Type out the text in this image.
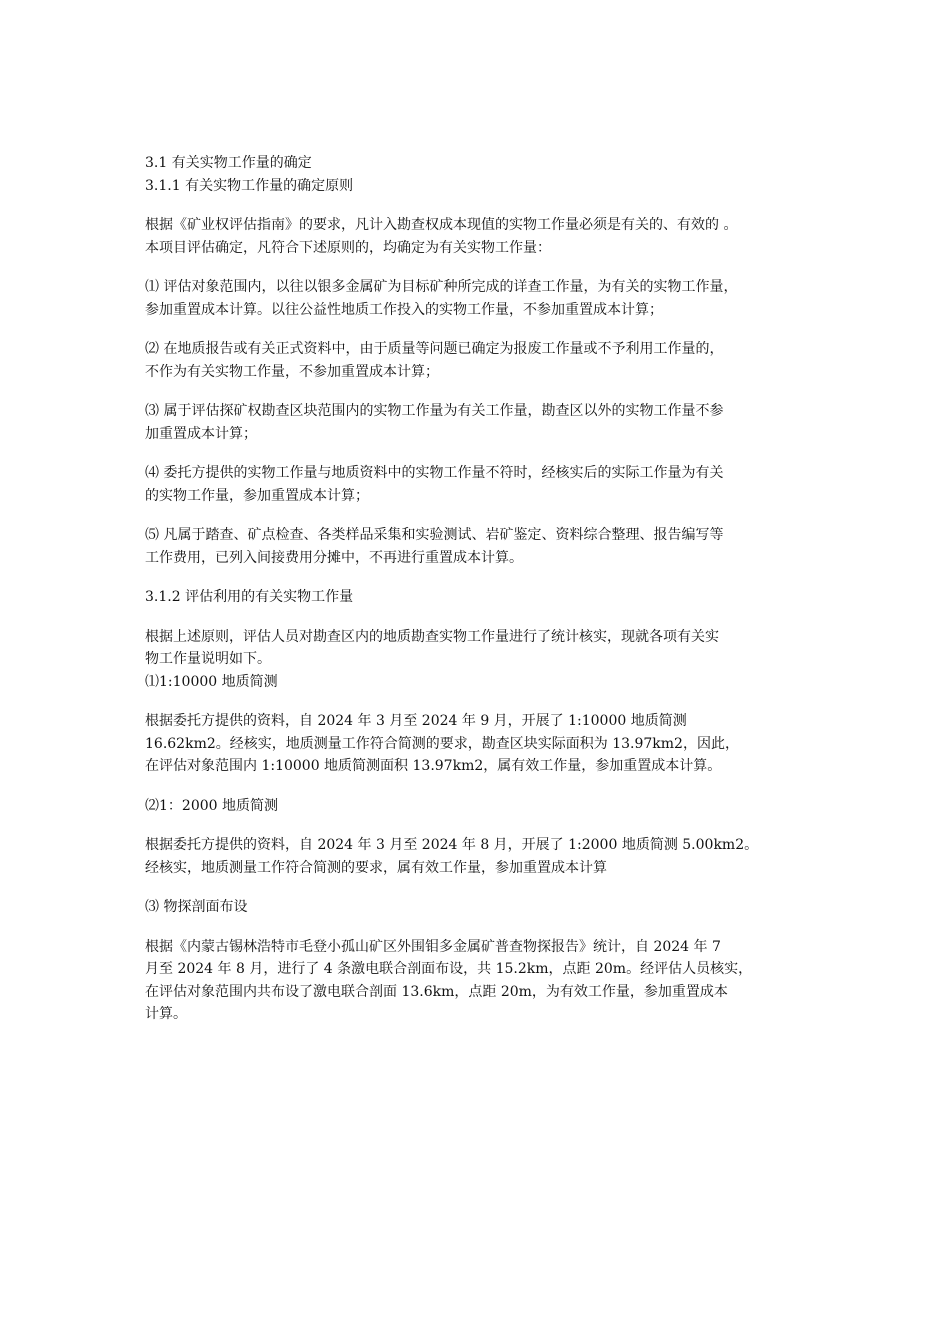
3.1 有关实物工作量的确定
3.1.1 有关实物工作量的确定原则
根据《矿业权评估指南》的要求，凡计入勘查权成本现值的实物工作量必须是有关的、有效的 。
本项目评估确定，凡符合下述原则的，均确定为有关实物工作量：
⑴ 评估对象范围内，以往以银多金属矿为目标矿种所完成的详查工作量，为有关的实物工作量，
参加重置成本计算。以往公益性地质工作投入的实物工作量，不参加重置成本计算；
⑵ 在地质报告或有关正式资料中，由于质量等问题已确定为报废工作量或不予利用工作量的，
不作为有关实物工作量，不参加重置成本计算；
⑶ 属于评估探矿权勘查区块范围内的实物工作量为有关工作量，勘查区以外的实物工作量不参
加重置成本计算；
⑷ 委托方提供的实物工作量与地质资料中的实物工作量不符时，经核实后的实际工作量为有关
的实物工作量，参加重置成本计算；
⑸ 凡属于踏查、矿点检查、各类样品采集和实验测试、岩矿鉴定、资料综合整理、报告编写等
工作费用，已列入间接费用分摊中，不再进行重置成本计算。
3.1.2 评估利用的有关实物工作量
根据上述原则，评估人员对勘查区内的地质勘查实物工作量进行了统计核实，现就各项有关实
物工作量说明如下。
⑴1:10000 地质简测
根据委托方提供的资料，自 2024 年 3 月至 2024 年 9 月，开展了 1:10000 地质简测
16.62km2。经核实，地质测量工作符合简测的要求，勘查区块实际面积为 13.97km2，因此，
在评估对象范围内 1:10000 地质简测面积 13.97km2，属有效工作量，参加重置成本计算。
⑵1：2000 地质简测
根据委托方提供的资料，自 2024 年 3 月至 2024 年 8 月，开展了 1:2000 地质简测 5.00km2。
经核实，地质测量工作符合简测的要求，属有效工作量，参加重置成本计算
⑶ 物探剖面布设
根据《内蒙古锡林浩特市毛登小孤山矿区外围钼多金属矿普查物探报告》统计，自 2024 年 7
月至 2024 年 8 月，进行了 4 条激电联合剖面布设，共 15.2km，点距 20m。经评估人员核实，
在评估对象范围内共布设了激电联合剖面 13.6km，点距 20m，为有效工作量，参加重置成本
计算。
